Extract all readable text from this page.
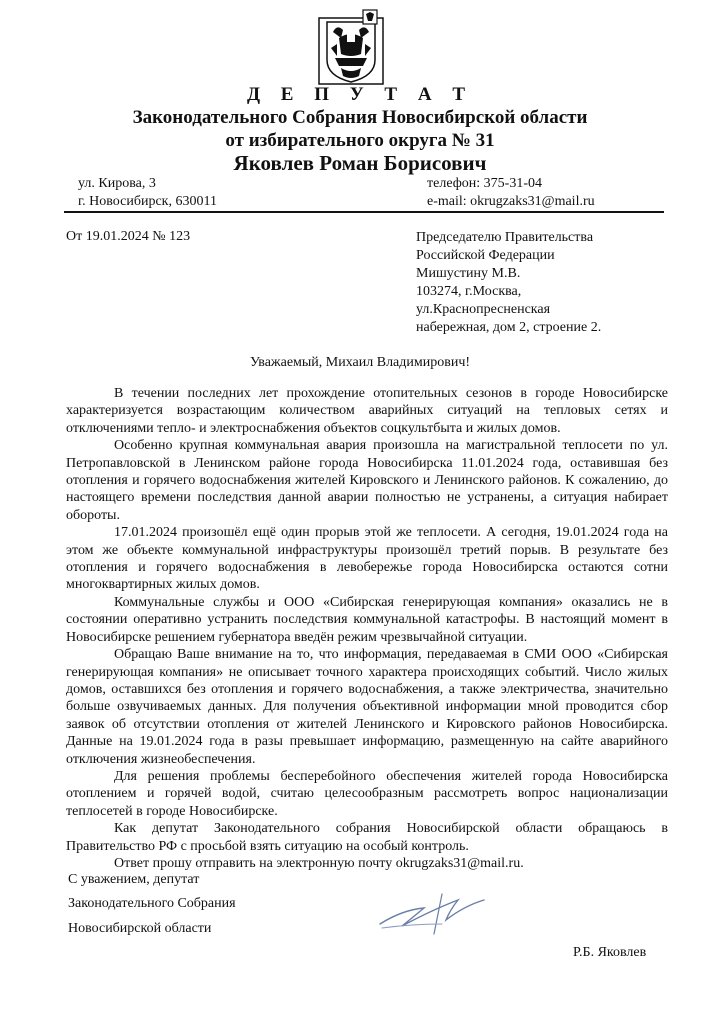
Д Е П У Т А Т
Законодательного Собрания Новосибирской области
от избирательного округа № 31
Яковлев Роман Борисович
ул. Кирова, 3
г. Новосибирск, 630011
телефон: 375-31-04
e-mail: okrugzaks31@mail.ru
От 19.01.2024 № 123	Председателю Правительства
Российской Федерации
Мишустину М.В.
103274, г.Москва,
ул.Краснопресненская
набережная, дом 2, строение 2.
Уважаемый, Михаил Владимирович!

В течении последних лет прохождение отопительных сезонов в городе Новосибирске характеризуется возрастающим количеством аварийных ситуаций на тепловых сетях и отключениями тепло- и электроснабжения объектов соцкультбыта и жилых домов.

Особенно крупная коммунальная авария произошла на магистральной теплосети по ул. Петропавловской в Ленинском районе города Новосибирска 11.01.2024 года, оставившая без отопления и горячего водоснабжения жителей Кировского и Ленинского районов. К сожалению, до настоящего времени последствия данной аварии полностью не устранены, а ситуация набирает обороты.

17.01.2024 произошёл ещё один прорыв этой же теплосети. А сегодня, 19.01.2024 года на этом же объекте коммунальной инфраструктуры произошёл третий порыв. В результате без отопления и горячего водоснабжения в левобережье города Новосибирска остаются сотни многоквартирных жилых домов.

Коммунальные службы и ООО «Сибирская генерирующая компания» оказались не в состоянии оперативно устранить последствия коммунальной катастрофы. В настоящий момент в Новосибирске решением губернатора введён режим чрезвычайной ситуации.

Обращаю Ваше внимание на то, что информация, передаваемая в СМИ ООО «Сибирская генерирующая компания» не описывает точного характера происходящих событий. Число жилых домов, оставшихся без отопления и горячего водоснабжения, а также электричества, значительно больше озвучиваемых данных. Для получения объективной информации мной проводится сбор заявок об отсутствии отопления от жителей Ленинского и Кировского районов Новосибирска. Данные на 19.01.2024 года в разы превышает информацию, размещенную на сайте аварийного отключения жизнеобеспечения.

Для решения проблемы бесперебойного обеспечения жителей города Новосибирска отоплением и горячей водой, считаю целесообразным рассмотреть вопрос национализации теплосетей в городе Новосибирске.

Как депутат Законодательного собрания Новосибирской области обращаюсь в Правительство РФ с просьбой взять ситуацию на особый контроль.

Ответ прошу отправить на электронную почту okrugzaks31@mail.ru.

С уважением, депутат
Законодательного Собрания
Новосибирской области
Р.Б. Яковлев
